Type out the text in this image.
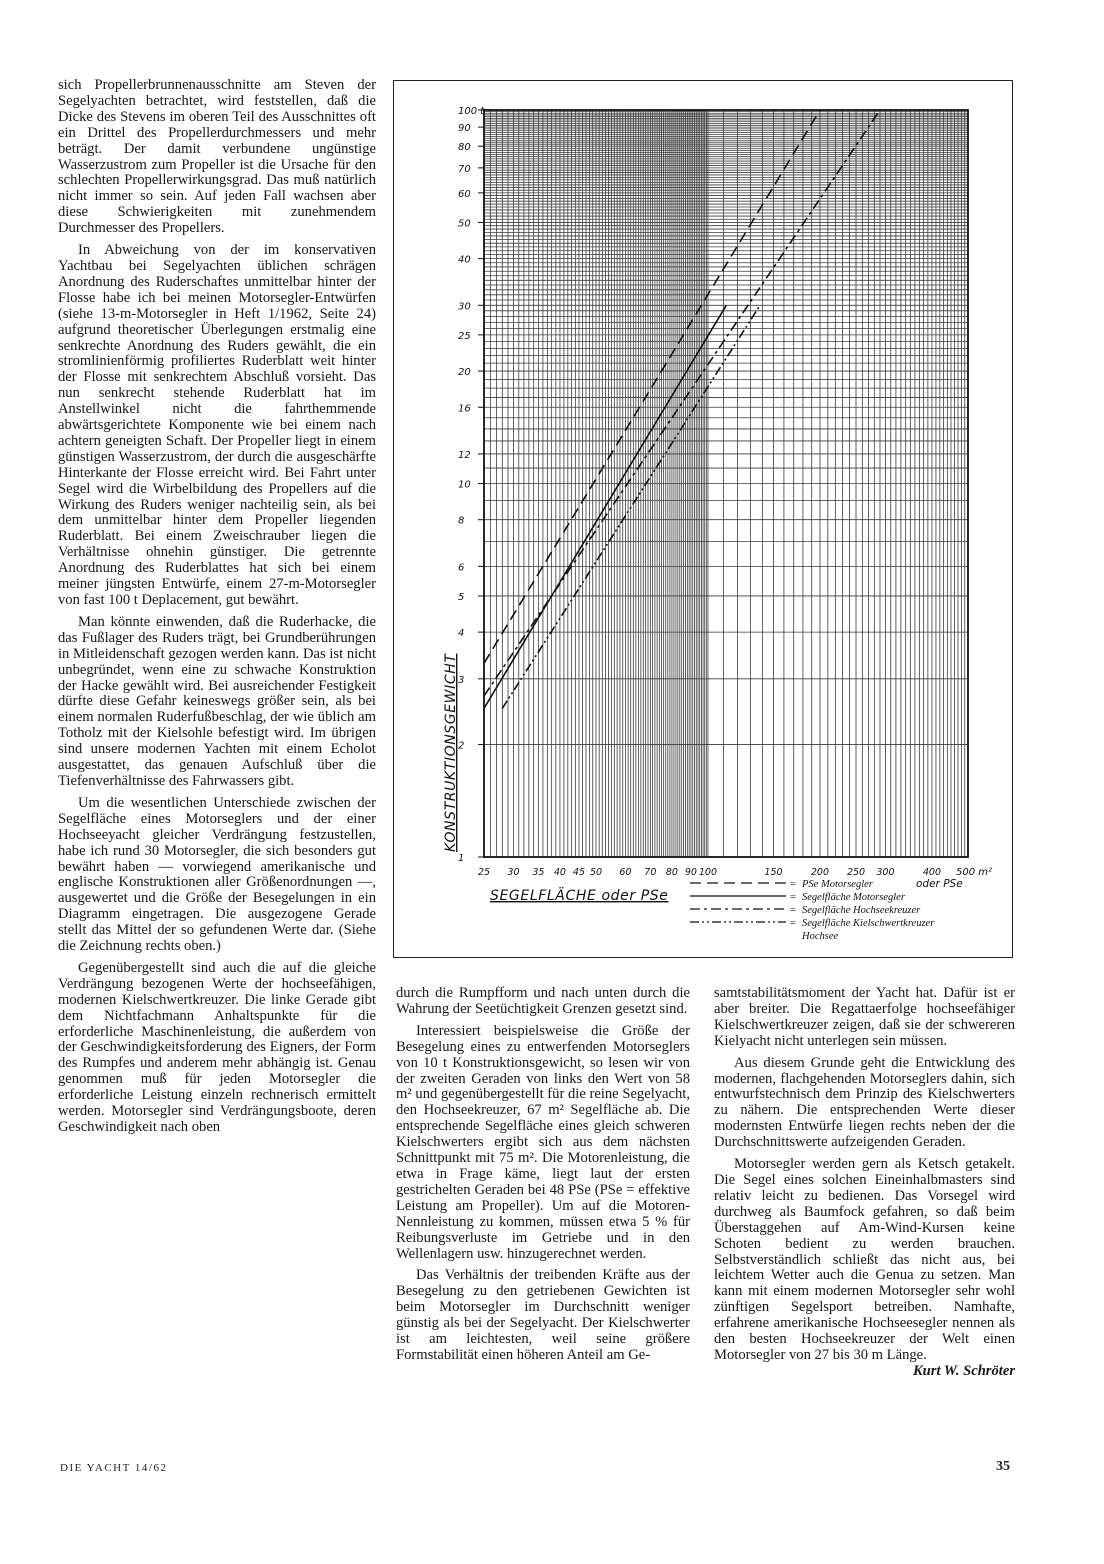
sich Propellerbrunnenausschnitte am Steven der Segelyachten betrachtet, wird feststellen, daß die Dicke des Stevens im oberen Teil des Ausschnittes oft ein Drittel des Propellerdurchmessers und mehr beträgt. Der damit verbundene ungünstige Wasserzustrom zum Propeller ist die Ursache für den schlechten Propellerwirkungsgrad. Das muß natürlich nicht immer so sein. Auf jeden Fall wachsen aber diese Schwierigkeiten mit zunehmendem Durchmesser des Propellers.

In Abweichung von der im konservativen Yachtbau bei Segelyachten üblichen schrägen Anordnung des Ruderschaftes unmittelbar hinter der Flosse habe ich bei meinen Motorsegler-Entwürfen (siehe 13-m-Motorsegler in Heft 1/1962, Seite 24) aufgrund theoretischer Überlegungen erstmalig eine senkrechte Anordnung des Ruders gewählt, die ein stromlinienförmig profiliertes Ruderblatt weit hinter der Flosse mit senkrechtem Abschluß vorsieht. Das nun senkrecht stehende Ruderblatt hat im Anstellwinkel nicht die fahrthemmende abwärtsgerichtete Komponente wie bei einem nach achtern geneigten Schaft. Der Propeller liegt in einem günstigen Wasserzustrom, der durch die ausgeschärfte Hinterkante der Flosse erreicht wird. Bei Fahrt unter Segel wird die Wirbelbildung des Propellers auf die Wirkung des Ruders weniger nachteilig sein, als bei dem unmittelbar hinter dem Propeller liegenden Ruderblatt. Bei einem Zweischrauber liegen die Verhältnisse ohnehin günstiger. Die getrennte Anordnung des Ruderblattes hat sich bei einem meiner jüngsten Entwürfe, einem 27-m-Motorsegler von fast 100 t Deplacement, gut bewährt.

Man könnte einwenden, daß die Ruderhacke, die das Fußlager des Ruders trägt, bei Grundberührungen in Mitleidenschaft gezogen werden kann. Das ist nicht unbegründet, wenn eine zu schwache Konstruktion der Hacke gewählt wird. Bei ausreichender Festigkeit dürfte diese Gefahr keineswegs größer sein, als bei einem normalen Ruderfußbeschlag, der wie üblich am Totholz mit der Kielsohle befestigt wird. Im übrigen sind unsere modernen Yachten mit einem Echolot ausgestattet, das genauen Aufschluß über die Tiefenverhältnisse des Fahrwassers gibt.

Um die wesentlichen Unterschiede zwischen der Segelfläche eines Motorseglers und der einer Hochseeyacht gleicher Verdrängung festzustellen, habe ich rund 30 Motorsegler, die sich besonders gut bewährt haben — vorwiegend amerikanische und englische Konstruktionen aller Größenordnungen —, ausgewertet und die Größe der Besegelungen in ein Diagramm eingetragen. Die ausgezogene Gerade stellt das Mittel der so gefundenen Werte dar. (Siehe die Zeichnung rechts oben.)

Gegenübergestellt sind auch die auf die gleiche Verdrängung bezogenen Werte der hochseefähigen, modernen Kielschwertkreuzer. Die linke Gerade gibt dem Nichtfachmann Anhaltspunkte für die erforderliche Maschinenleistung, die außerdem von der Geschwindigkeitsforderung des Eigners, der Form des Rumpfes und anderem mehr abhängig ist. Genau genommen muß für jeden Motorsegler die erforderliche Leistung einzeln rechnerisch ermittelt werden. Motorsegler sind Verdrängungsboote, deren Geschwindigkeit nach oben

durch die Rumpfform und nach unten durch die Wahrung der Seetüchtigkeit Grenzen gesetzt sind.

Interessiert beispielsweise die Größe der Besegelung eines zu entwerfenden Motorseglers von 10 t Konstruktionsgewicht, so lesen wir von der zweiten Geraden von links den Wert von 58 m² und gegenübergestellt für die reine Segelyacht, den Hochseekreuzer, 67 m² Segelfläche ab. Die entsprechende Segelfläche eines gleich schweren Kielschwerters ergibt sich aus dem nächsten Schnittpunkt mit 75 m². Die Motorenleistung, die etwa in Frage käme, liegt laut der ersten gestrichelten Geraden bei 48 PSe (PSe = effektive Leistung am Propeller). Um auf die Motoren-Nennleistung zu kommen, müssen etwa 5 % für Reibungsverluste im Getriebe und in den Wellenlagern usw. hinzugerechnet werden.

Das Verhältnis der treibenden Kräfte aus der Besegelung zu den getriebenen Gewichten ist beim Motorsegler im Durchschnitt weniger günstig als bei der Segelyacht. Der Kielschwerter ist am leichtesten, weil seine größere Formstabilität einen höheren Anteil am Ge-

samtstabilitätsmoment der Yacht hat. Dafür ist er aber breiter. Die Regattaerfolge hochseefähiger Kielschwertkreuzer zeigen, daß sie der schwereren Kielyacht nicht unterlegen sein müssen.

Aus diesem Grunde geht die Entwicklung des modernen, flachgehenden Motorseglers dahin, sich entwurfstechnisch dem Prinzip des Kielschwerters zu nähern. Die entsprechenden Werte dieser modernsten Entwürfe liegen rechts neben der die Durchschnittswerte aufzeigenden Geraden.

Motorsegler werden gern als Ketsch getakelt. Die Segel eines solchen Eineinhalbmasters sind relativ leicht zu bedienen. Das Vorsegel wird durchweg als Baumfock gefahren, so daß beim Überstaggehen auf Am-Wind-Kursen keine Schoten bedient zu werden brauchen. Selbstverständlich schließt das nicht aus, bei leichtem Wetter auch die Genua zu setzen. Man kann mit einem modernen Motorsegler sehr wohl zünftigen Segelsport betreiben. Namhafte, erfahrene amerikanische Hochseesegler nennen als den besten Hochseekreuzer der Welt einen Motorsegler von 27 bis 30 m Länge.
Kurt W. Schröter

1
2
3
4
5
6
8
10
12
16
20
25
30
40
50
60
70
80
90
100 t
25 30 35 40 45 50 60 70 80 90 100	150	200 250 300	400 500 m²
oder PSe
KONSTRUKTIONSGEWICHT
SEGELFLÄCHE oder PSe
= PSe Motorsegler
= Segelfläche Motorsegler
= Segelfläche Hochseekreuzer
= Segelfläche Kielschwertkreuzer Hochsee
DIE YACHT 14/62	35
